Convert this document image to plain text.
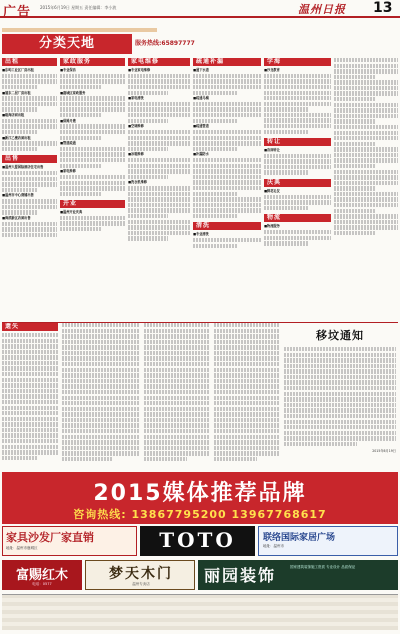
广告 2015年6月19日 星期五 责任编辑：李小波	温州日报 13
分类天地	服务热线:65897777
出租
■东屿工业区厂房出租
■浦东二层厂房出租
■瓯海店面出租
■新江乙楼店面出租
出售
■温州大厦国际酒店住宅出售
■温州市中心商铺出售
■海滨新区店面出售
家政服务
■专业保洁
■鹿城区家政服务
■保姆月嫂
■管道疏通
■家电维修
开业
■温州开业庆典
家电维修
■专业家电维修
■家电清洗
■空调维修
■冰箱维修
■洗衣机维修
疏通补漏
■通下水道
■疏通马桶
■疏通管道
■补漏防水
清洗
■专业清洗
学海
■沙龙教育
转让
■店面转让
庆典
■鲜花礼仪
物流
■物流服务
遗失
移坟通知
2015年6月19日
2015媒体推荐品牌
咨询热线: 13867795200 13967768617
家具沙发厂家直销
地址：温州市鹿城区	TOTO	联络国际家居广场
地址：温州市
富赐红木
电话：0577
梦天木门
温州专卖店	丽园装饰	国家建筑装饰施工资质 专业设计 品质保证
